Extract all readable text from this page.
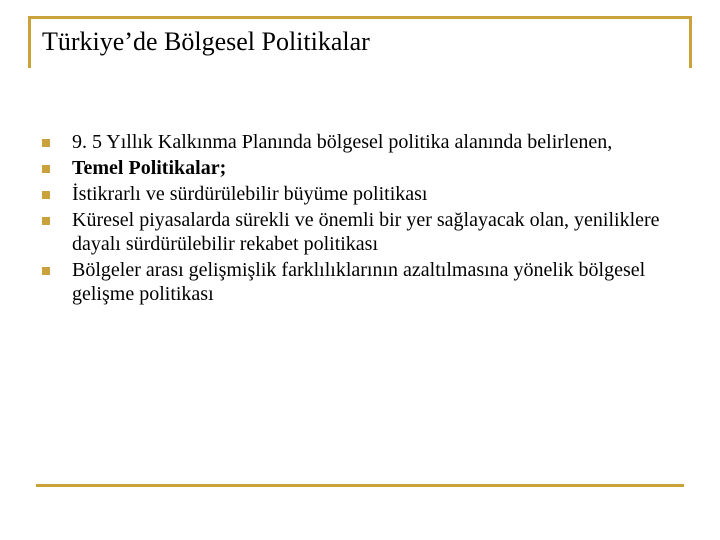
Türkiye’de Bölgesel Politikalar
9. 5 Yıllık Kalkınma Planında bölgesel politika alanında belirlenen,
Temel Politikalar;
İstikrarlı ve sürdürülebilir büyüme politikası
Küresel piyasalarda sürekli ve önemli bir yer sağlayacak olan, yeniliklere dayalı sürdürülebilir rekabet politikası
Bölgeler arası gelişmişlik farklılıklarının azaltılmasına yönelik bölgesel gelişme politikası
